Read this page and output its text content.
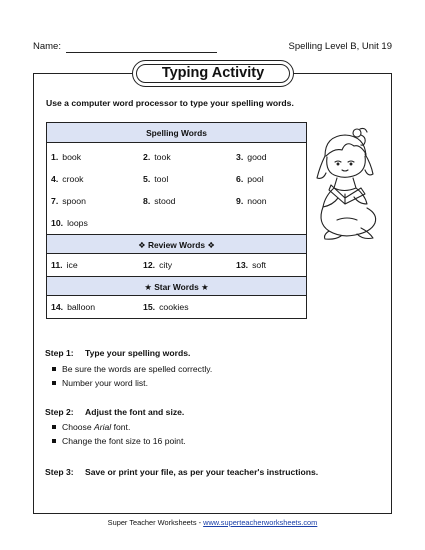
Name:	Spelling Level B, Unit 19
Typing Activity
Use a computer word processor to type your spelling words.
Spelling Words
1. book	2. took	3. good
4. crook	5. tool	6. pool
7. spoon	8. stood	9. noon
10. loops
❖ Review Words ❖
11. ice	12. city	13. soft
★ Star Words ★
14. balloon	15. cookies
Step 1: Type your spelling words.
Be sure the words are spelled correctly.
Number your word list.
Step 2: Adjust the font and size.
Choose Arial font.
Change the font size to 16 point.
Step 3: Save or print your file, as per your teacher's instructions.
Super Teacher Worksheets - www.superteacherworksheets.com
